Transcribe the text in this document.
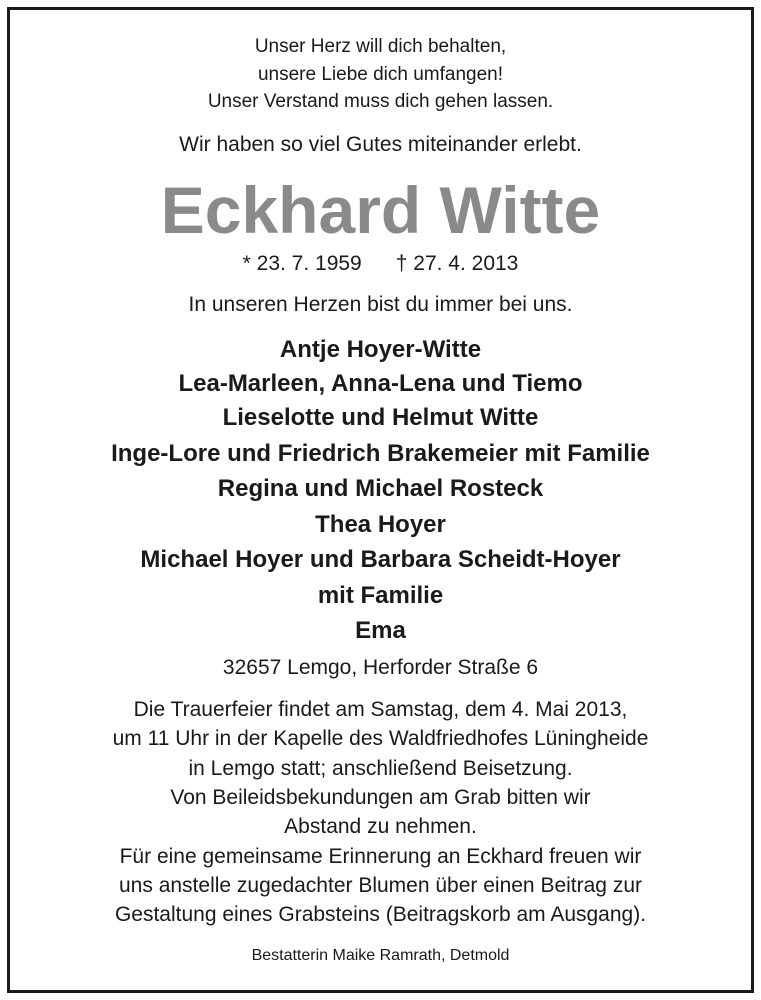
Unser Herz will dich behalten,
unsere Liebe dich umfangen!
Unser Verstand muss dich gehen lassen.
Wir haben so viel Gutes miteinander erlebt.
Eckhard Witte
* 23. 7. 1959 † 27. 4. 2013
In unseren Herzen bist du immer bei uns.
Antje Hoyer-Witte
Lea-Marleen, Anna-Lena und Tiemo
Lieselotte und Helmut Witte
Inge-Lore und Friedrich Brakemeier mit Familie
Regina und Michael Rosteck
Thea Hoyer
Michael Hoyer und Barbara Scheidt-Hoyer
mit Familie
Ema
32657 Lemgo, Herforder Straße 6
Die Trauerfeier findet am Samstag, dem 4. Mai 2013,
um 11 Uhr in der Kapelle des Waldfriedhofes Lüningheide
in Lemgo statt; anschließend Beisetzung.
Von Beileidsbekundungen am Grab bitten wir
Abstand zu nehmen.
Für eine gemeinsame Erinnerung an Eckhard freuen wir
uns anstelle zugedachter Blumen über einen Beitrag zur
Gestaltung eines Grabsteins (Beitragskorb am Ausgang).
Bestatterin Maike Ramrath, Detmold
